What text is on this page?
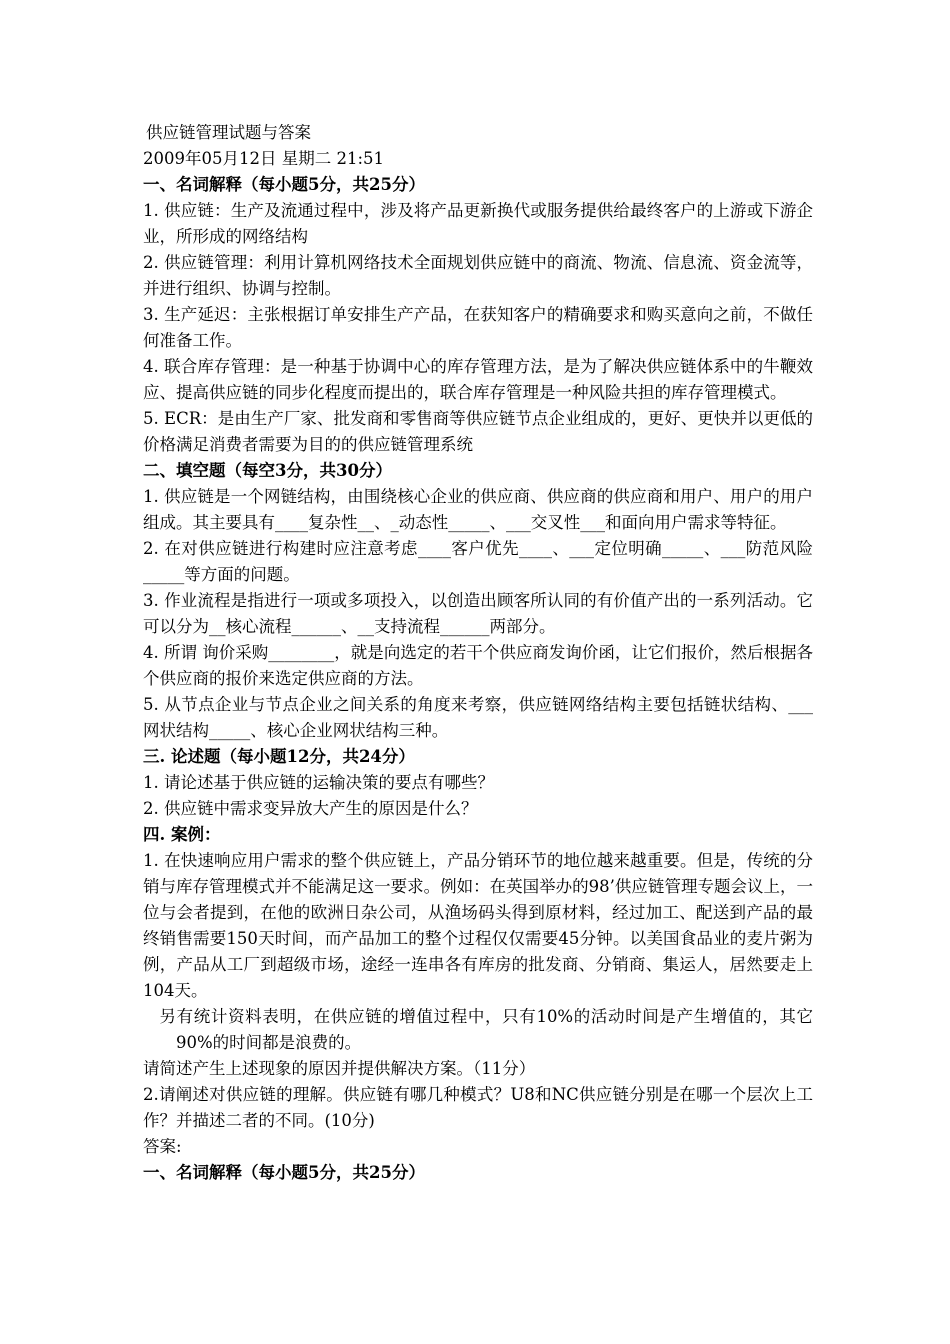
供应链管理试题与答案

2009年05月12日 星期二 21:51

一、名词解释（每小题5分，共25分）

1. 供应链：生产及流通过程中，涉及将产品更新换代或服务提供给最终客户的上游或下游企业，所形成的网络结构

2. 供应链管理：利用计算机网络技术全面规划供应链中的商流、物流、信息流、资金流等，并进行组织、协调与控制。

3. 生产延迟：主张根据订单安排生产产品，在获知客户的精确要求和购买意向之前，不做任何准备工作。

4. 联合库存管理：是一种基于协调中心的库存管理方法，是为了解决供应链体系中的牛鞭效应、提高供应链的同步化程度而提出的，联合库存管理是一种风险共担的库存管理模式。

5. ECR：是由生产厂家、批发商和零售商等供应链节点企业组成的，更好、更快并以更低的价格满足消费者需要为目的的供应链管理系统

二、填空题（每空3分，共30分）

1. 供应链是一个网链结构，由围绕核心企业的供应商、供应商的供应商和用户、用户的用户组成。其主要具有____复杂性__、_动态性_____、___交叉性___和面向用户需求等特征。

2. 在对供应链进行构建时应注意考虑____客户优先____、___定位明确_____、___防范风险_____等方面的问题。

3. 作业流程是指进行一项或多项投入，以创造出顾客所认同的有价值产出的一系列活动。它可以分为__核心流程______、__支持流程______两部分。

4. 所谓 询价采购________，就是向选定的若干个供应商发询价函，让它们报价，然后根据各个供应商的报价来选定供应商的方法。

5. 从节点企业与节点企业之间关系的角度来考察，供应链网络结构主要包括链状结构、___网状结构_____、核心企业网状结构三种。

三. 论述题（每小题12分，共24分）

1. 请论述基于供应链的运输决策的要点有哪些？

2. 供应链中需求变异放大产生的原因是什么？

四. 案例：

1. 在快速响应用户需求的整个供应链上，产品分销环节的地位越来越重要。但是，传统的分销与库存管理模式并不能满足这一要求。例如：在英国举办的98’供应链管理专题会议上，一位与会者提到，在他的欧洲日杂公司，从渔场码头得到原材料，经过加工、配送到产品的最终销售需要150天时间，而产品加工的整个过程仅仅需要45分钟。以美国食品业的麦片粥为例，产品从工厂到超级市场，途经一连串各有库房的批发商、分销商、集运人，居然要走上104天。

另有统计资料表明，在供应链的增值过程中，只有10%的活动时间是产生增值的，其它90%的时间都是浪费的。

请简述产生上述现象的原因并提供解决方案。（11分）

2.请阐述对供应链的理解。供应链有哪几种模式？U8和NC供应链分别是在哪一个层次上工作？并描述二者的不同。(10分)

答案:

一、名词解释（每小题5分，共25分）
